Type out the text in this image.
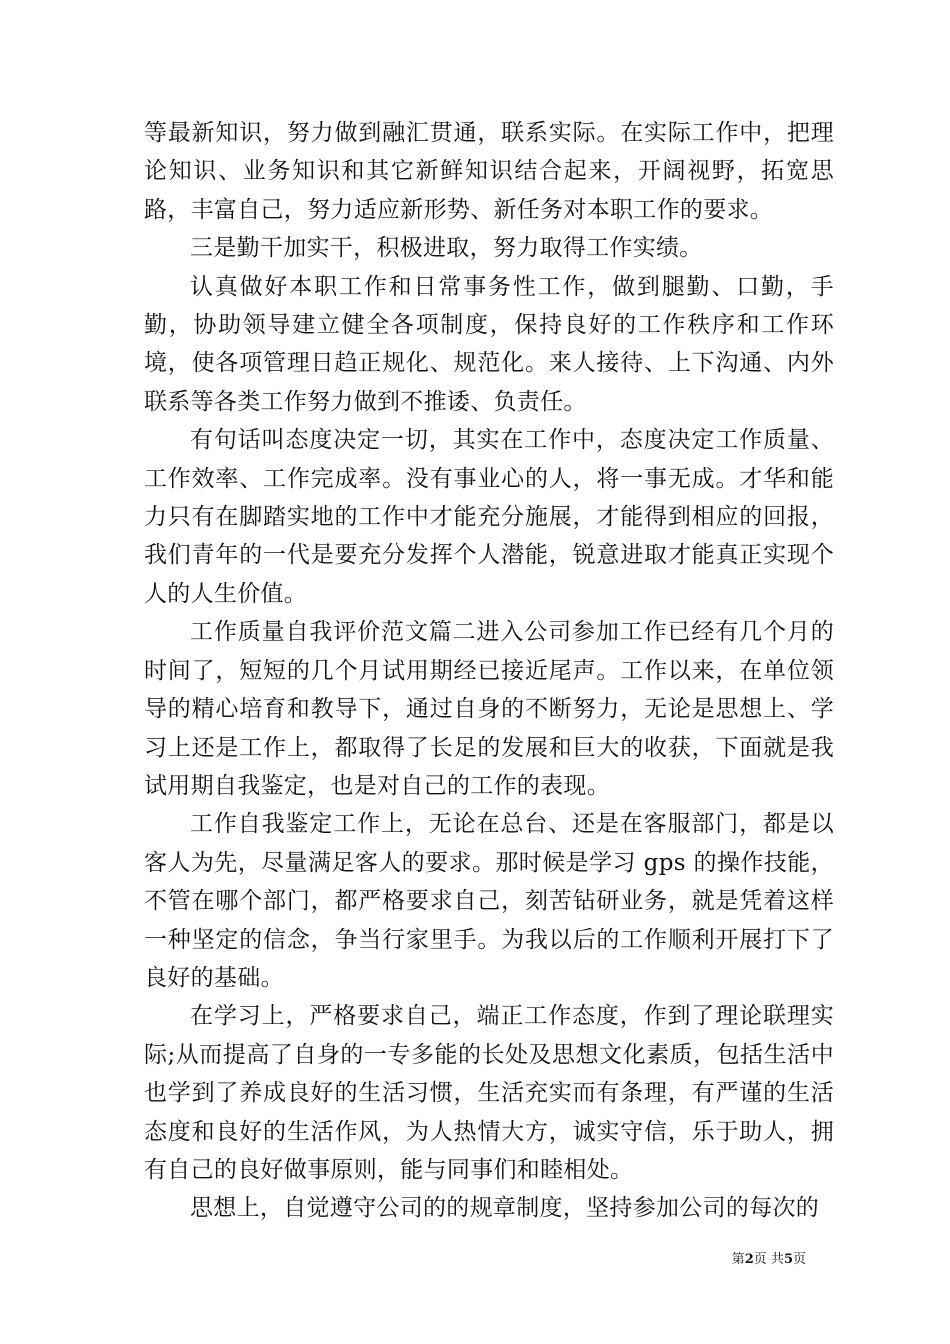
等最新知识，努力做到融汇贯通，联系实际。在实际工作中，把理论知识、业务知识和其它新鲜知识结合起来，开阔视野，拓宽思路，丰富自己，努力适应新形势、新任务对本职工作的要求。

三是勤干加实干，积极进取，努力取得工作实绩。

认真做好本职工作和日常事务性工作，做到腿勤、口勤，手勤，协助领导建立健全各项制度，保持良好的工作秩序和工作环境，使各项管理日趋正规化、规范化。来人接待、上下沟通、内外联系等各类工作努力做到不推诿、负责任。

有句话叫态度决定一切，其实在工作中，态度决定工作质量、工作效率、工作完成率。没有事业心的人，将一事无成。才华和能力只有在脚踏实地的工作中才能充分施展，才能得到相应的回报，我们青年的一代是要充分发挥个人潜能，锐意进取才能真正实现个人的人生价值。

工作质量自我评价范文篇二进入公司参加工作已经有几个月的时间了，短短的几个月试用期经已接近尾声。工作以来，在单位领导的精心培育和教导下，通过自身的不断努力，无论是思想上、学习上还是工作上，都取得了长足的发展和巨大的收获，下面就是我试用期自我鉴定，也是对自己的工作的表现。

工作自我鉴定工作上，无论在总台、还是在客服部门，都是以客人为先，尽量满足客人的要求。那时候是学习 gps 的操作技能，不管在哪个部门，都严格要求自己，刻苦钻研业务，就是凭着这样一种坚定的信念，争当行家里手。为我以后的工作顺利开展打下了良好的基础。

在学习上，严格要求自己，端正工作态度，作到了理论联理实际;从而提高了自身的一专多能的长处及思想文化素质，包括生活中也学到了养成良好的生活习惯，生活充实而有条理，有严谨的生活态度和良好的生活作风，为人热情大方，诚实守信，乐于助人，拥有自己的良好做事原则，能与同事们和睦相处。

思想上，自觉遵守公司的的规章制度，坚持参加公司的每次的

第2页 共5页
